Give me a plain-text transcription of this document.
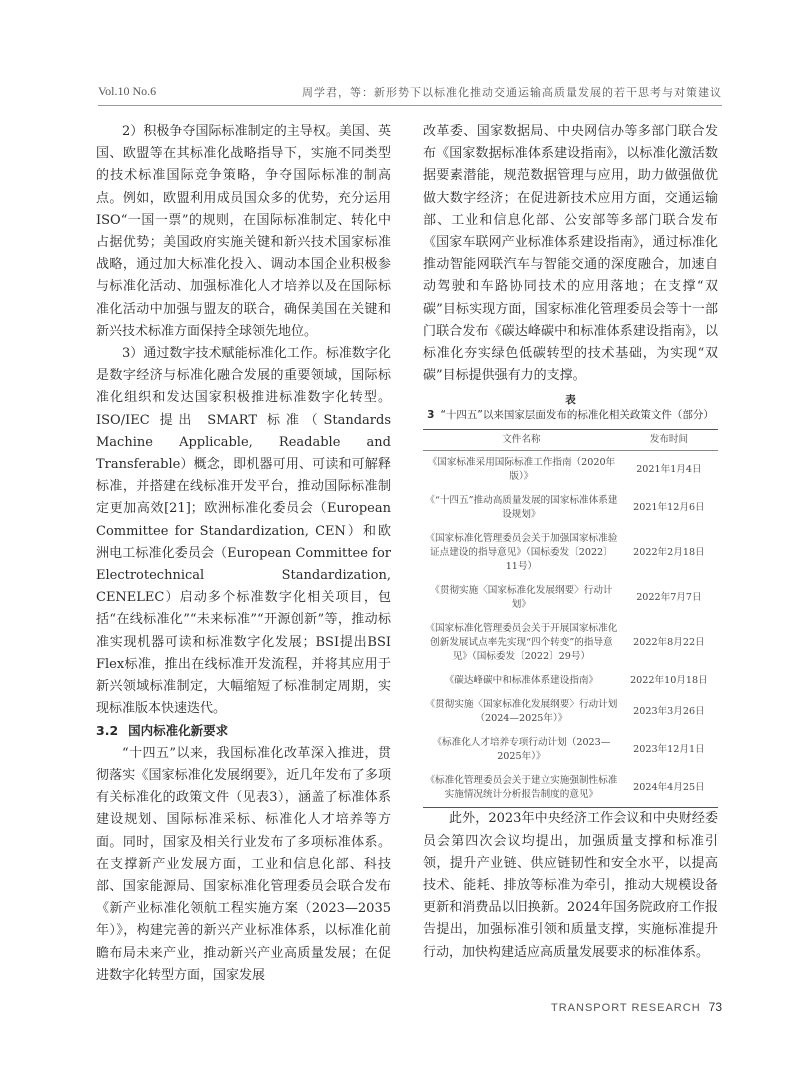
Vol.10 No.6	周学君，等：新形势下以标准化推动交通运输高质量发展的若干思考与对策建议

2）积极争夺国际标准制定的主导权。美国、英国、欧盟等在其标准化战略指导下，实施不同类型的技术标准国际竞争策略，争夺国际标准的制高点。例如，欧盟利用成员国众多的优势，充分运用ISO“一国一票”的规则，在国际标准制定、转化中占据优势；美国政府实施关键和新兴技术国家标准战略，通过加大标准化投入、调动本国企业积极参与标准化活动、加强标准化人才培养以及在国际标准化活动中加强与盟友的联合，确保美国在关键和新兴技术标准方面保持全球领先地位。

3）通过数字技术赋能标准化工作。标准数字化是数字经济与标准化融合发展的重要领域，国际标准化组织和发达国家积极推进标准数字化转型。ISO/IEC 提出 SMART 标准（Standards Machine Applicable, Readable and Transferable）概念，即机器可用、可读和可解释标准，并搭建在线标准开发平台，推动国际标准制定更加高效[21]；欧洲标准化委员会（European Committee for Standardization, CEN）和欧洲电工标准化委员会（European Committee for Electrotechnical Standardization, CENELEC）启动多个标准数字化相关项目，包括“在线标准化”“未来标准”“开源创新”等，推动标准实现机器可读和标准数字化发展；BSI提出BSI Flex标准，推出在线标准开发流程，并将其应用于新兴领域标准制定，大幅缩短了标准制定周期，实现标准版本快速迭代。

3.2 国内标准化新要求

“十四五”以来，我国标准化改革深入推进，贯彻落实《国家标准化发展纲要》，近几年发布了多项有关标准化的政策文件（见表3），涵盖了标准体系建设规划、国际标准采标、标准化人才培养等方面。同时，国家及相关行业发布了多项标准体系。在支撑新产业发展方面，工业和信息化部、科技部、国家能源局、国家标准化管理委员会联合发布《新产业标准化领航工程实施方案（2023—2035年）》，构建完善的新兴产业标准体系，以标准化前瞻布局未来产业，推动新兴产业高质量发展；在促进数字化转型方面，国家发展

改革委、国家数据局、中央网信办等多部门联合发布《国家数据标准体系建设指南》，以标准化激活数据要素潜能，规范数据管理与应用，助力做强做优做大数字经济；在促进新技术应用方面，交通运输部、工业和信息化部、公安部等多部门联合发布《国家车联网产业标准体系建设指南》，通过标准化推动智能网联汽车与智能交通的深度融合，加速自动驾驶和车路协同技术的应用落地；在支撑“双碳”目标实现方面，国家标准化管理委员会等十一部门联合发布《碳达峰碳中和标准体系建设指南》，以标准化夯实绿色低碳转型的技术基础，为实现“双碳”目标提供强有力的支撑。

表3 “十四五”以来国家层面发布的标准化相关政策文件（部分）
文件名称	发布时间
《国家标准采用国际标准工作指南（2020年版）》	2021年1月4日
《“十四五”推动高质量发展的国家标准体系建设规划》	2021年12月6日
《国家标准化管理委员会关于加强国家标准验证点建设的指导意见》（国标委发〔2022〕11号）	2022年2月18日
《贯彻实施〈国家标准化发展纲要〉行动计划》	2022年7月7日
《国家标准化管理委员会关于开展国家标准化创新发展试点率先实现“四个转变”的指导意见》（国标委发〔2022〕29号）	2022年8月22日
《碳达峰碳中和标准体系建设指南》	2022年10月18日
《贯彻实施〈国家标准化发展纲要〉行动计划（2024—2025年）》	2023年3月26日
《标准化人才培养专项行动计划（2023—2025年）》	2023年12月1日
《标准化管理委员会关于建立实施强制性标准实施情况统计分析报告制度的意见》	2024年4月25日

此外，2023年中央经济工作会议和中央财经委员会第四次会议均提出，加强质量支撑和标准引领，提升产业链、供应链韧性和安全水平，以提高技术、能耗、排放等标准为牵引，推动大规模设备更新和消费品以旧换新。2024年国务院政府工作报告提出，加强标准引领和质量支撑，实施标准提升行动，加快构建适应高质量发展要求的标准体系。

TRANSPORT RESEARCH 73
